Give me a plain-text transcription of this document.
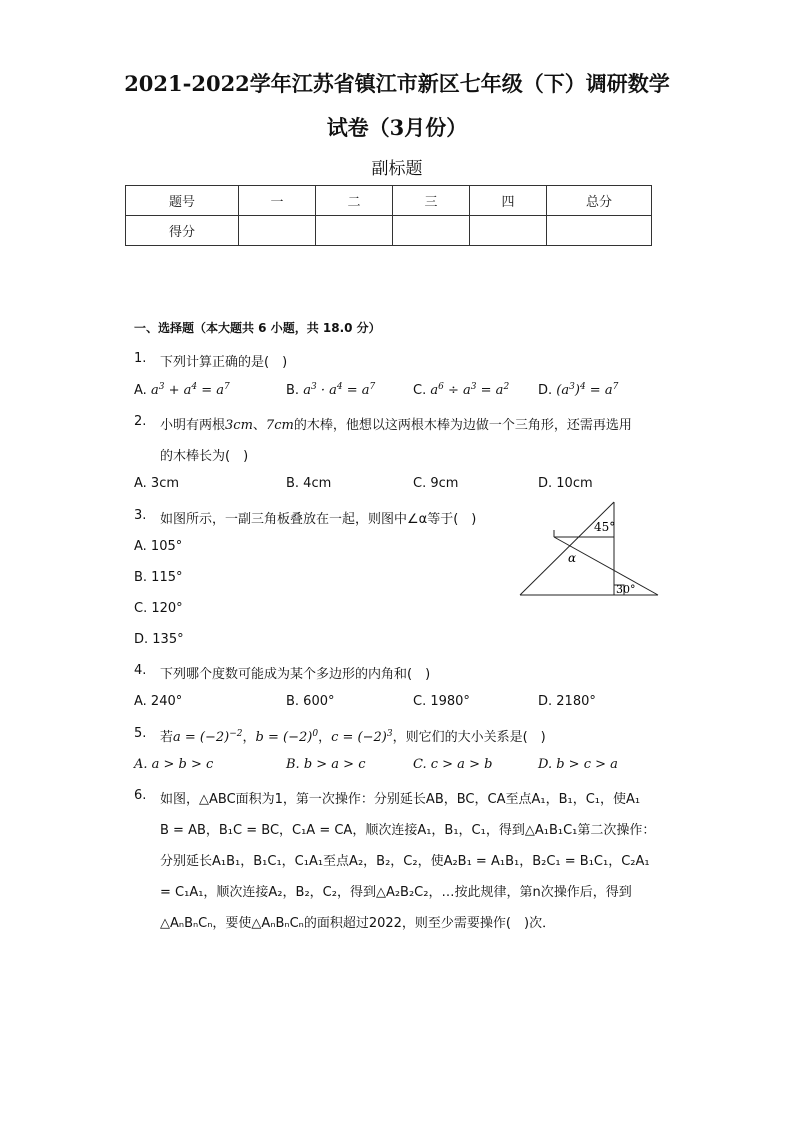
2021-2022学年江苏省镇江市新区七年级（下）调研数学
试卷（3月份）
副标题
题号	一	二	三	四	总分
得分					
一、选择题（本大题共 6 小题，共 18.0 分）
1. 下列计算正确的是(　)
A. $a^3 + a^4 = a^7$	B. $a^3 \cdot a^4 = a^7$	C. $a^6 \div a^3 = a^2$ D. $(a^3)^4 = a^7$
2. 小明有两根3cm、7cm的木棒，他想以这两根木棒为边做一个三角形，还需再选用
的木棒长为(　)
A. 3cm	B. 4cm	C. 9cm	D. 10cm
3. 如图所示，一副三角板叠放在一起，则图中∠α等于(　)
A. 105°
B. 115°
C. 120°
D. 135°
45°
α
30°
4. 下列哪个度数可能成为某个多边形的内角和(　)
A. 240°	B. 600°	C. 1980°	D. 2180°
5. 若$a = (-2)^{-2}$，$b = (-2)^0$，$c = (-2)^3$，则它们的大小关系是(　)
A. a > b > c	B. b > a > c	C. c > a > b	D. b > c > a
6. 如图，△ABC面积为1，第一次操作：分别延长AB，BC，CA至点A₁，B₁，C₁，使A₁
B = AB，B₁C = BC，C₁A = CA，顺次连接A₁，B₁，C₁，得到△A₁B₁C₁第二次操作：
分别延长A₁B₁，B₁C₁，C₁A₁至点A₂，B₂，C₂，使A₂B₁ = A₁B₁，B₂C₁ = B₁C₁，C₂A₁
= C₁A₁，顺次连接A₂，B₂，C₂，得到△A₂B₂C₂，…按此规律，第n次操作后，得到
△AₙBₙCₙ，要使△AₙBₙCₙ的面积超过2022，则至少需要操作(　)次．
